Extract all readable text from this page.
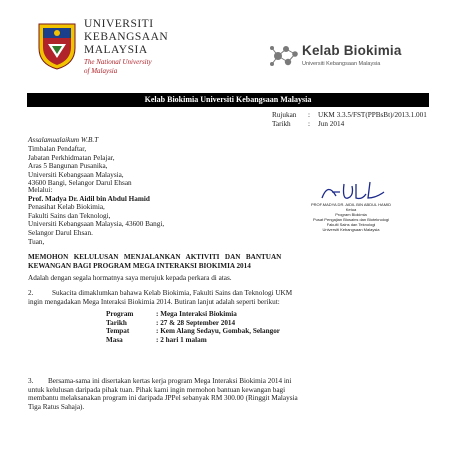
UNIVERSITI
KEBANGSAAN
MALAYSIA
The National University
of Malaysia
Kelab Biokimia
Universiti Kebangsaan Malaysia
Kelab Biokimia Universiti Kebangsaan Malaysia
Rujukan : UKM 3.3.5/FST(PPBsBt)/2013.1.001
Tarikh : Jun 2014
Assalamualaikum W.B.T
Timbalan Pendaftar,
Jabatan Perkhidmatan Pelajar,
Aras 5 Bangunan Pusanika,
Universiti Kebangsaan Malaysia,
43600 Bangi, Selangor Darul Ehsan
Melalui:
Prof. Madya Dr. Aidil bin Abdul Hamid
Penasihat Kelab Biokimia,
Fakulti Sains dan Teknologi,
Universiti Kebangsaan Malaysia, 43600 Bangi,
Selangor Darul Ehsan.
PROF.MADYA DR. AIDIL BIN ABDUL HAMID
Ketua
Program Biokimia
Pusat Pengajian Biosains dan Bioteknologi
Fakulti Sains dan Teknologi
Universiti Kebangsaan Malaysia
Tuan,
MEMOHON   KELULUSAN   MENJALANKAN   AKTIVITI   DAN   BANTUAN
KEWANGAN BAGI PROGRAM MEGA INTERAKSI BIOKIMIA 2014
Adalah dengan segala hormatnya saya merujuk kepada perkara di atas.
2.	Sukacita dimaklumkan bahawa Kelab Biokimia, Fakulti Sains dan Teknologi UKM
ingin mengadakan Mega Interaksi Biokimia 2014. Butiran lanjut adalah seperti berikut:
Program	: Mega Interaksi Biokimia
Tarikh	: 27 & 28 September 2014
Tempat	: Kem Alang Sedayu, Gombak, Selangor
Masa	: 2 hari 1 malam
3. Bersama-sama ini disertakan kertas kerja program Mega Interaksi Biokimia 2014 ini
untuk kelulusan daripada pihak tuan. Pihak kami ingin memohon bantuan kewangan bagi
membantu melaksanakan program ini daripada JPPel sebanyak RM 300.00 (Ringgit Malaysia
Tiga Ratus Sahaja).
